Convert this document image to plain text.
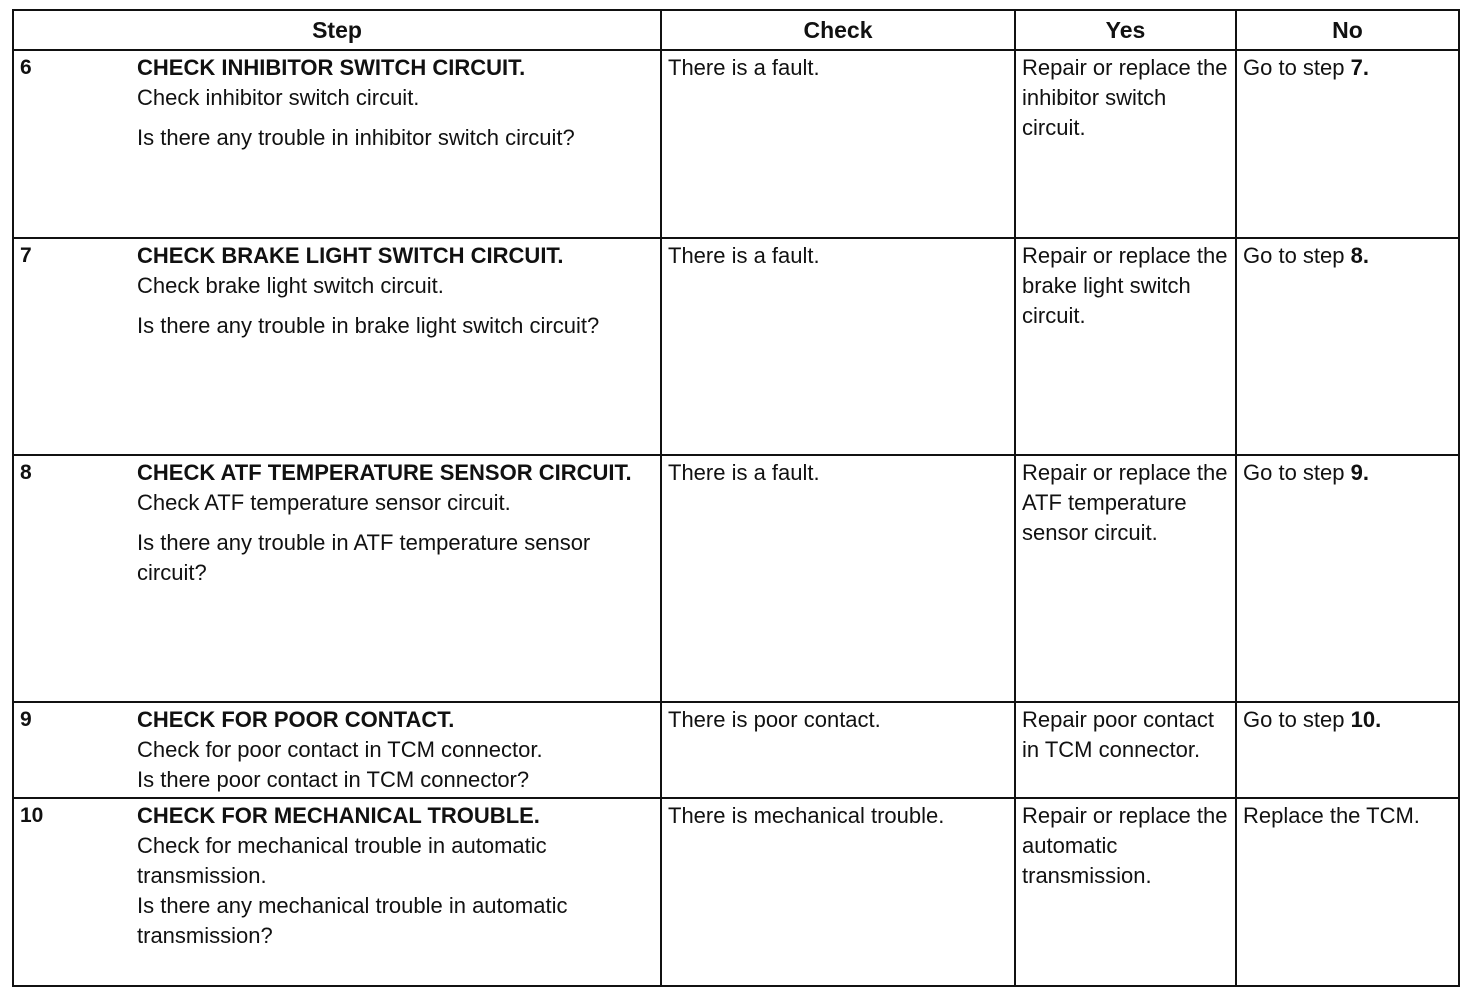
Step		Check	Yes	No
6	CHECK INHIBITOR SWITCH CIRCUIT.
Check inhibitor switch circuit.
Is there any trouble in inhibitor switch circuit?	There is a fault.	Repair or replace the inhibitor switch circuit.	Go to step 7.
7	CHECK BRAKE LIGHT SWITCH CIRCUIT.
Check brake light switch circuit.
Is there any trouble in brake light switch circuit?	There is a fault.	Repair or replace the brake light switch circuit.	Go to step 8.
8	CHECK ATF TEMPERATURE SENSOR CIRCUIT.
Check ATF temperature sensor circuit.
Is there any trouble in ATF temperature sensor circuit?	There is a fault.	Repair or replace the ATF temperature sensor circuit.	Go to step 9.
9	CHECK FOR POOR CONTACT.
Check for poor contact in TCM connector.
Is there poor contact in TCM connector?	There is poor contact.	Repair poor contact in TCM connector.	Go to step 10.
10	CHECK FOR MECHANICAL TROUBLE.
Check for mechanical trouble in automatic transmission.
Is there any mechanical trouble in automatic transmission?	There is mechanical trouble.	Repair or replace the automatic transmission.	Replace the TCM.
